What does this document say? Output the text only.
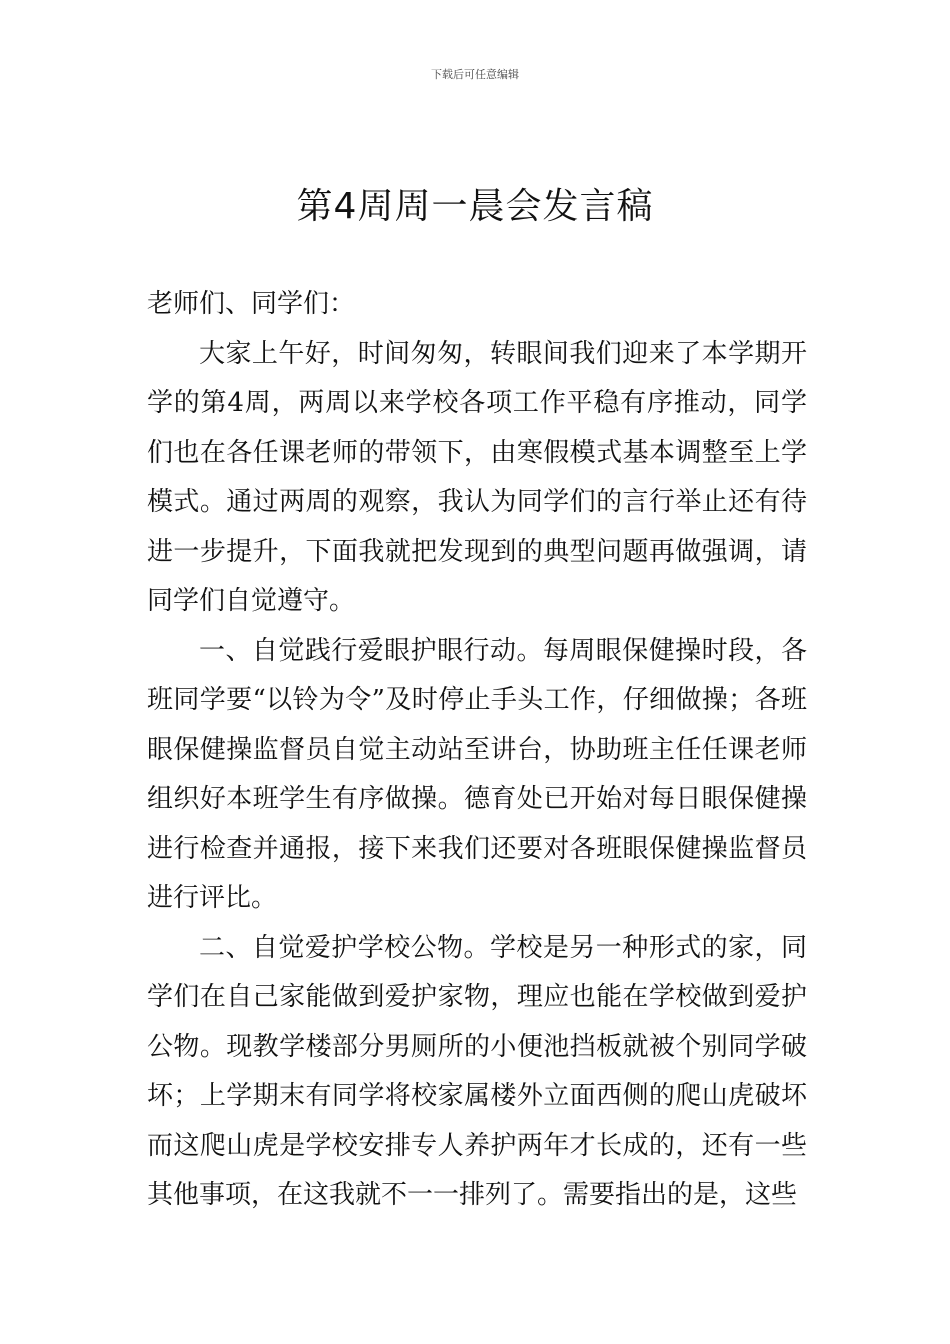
下载后可任意编辑
第4周周一晨会发言稿

老师们、同学们：

大家上午好，时间匆匆，转眼间我们迎来了本学期开学的第4周，两周以来学校各项工作平稳有序推动，同学们也在各任课老师的带领下，由寒假模式基本调整至上学模式。通过两周的观察，我认为同学们的言行举止还有待进一步提升，下面我就把发现到的典型问题再做强调，请同学们自觉遵守。

一、自觉践行爱眼护眼行动。每周眼保健操时段，各班同学要“以铃为令”及时停止手头工作，仔细做操；各班眼保健操监督员自觉主动站至讲台，协助班主任任课老师组织好本班学生有序做操。德育处已开始对每日眼保健操进行检查并通报，接下来我们还要对各班眼保健操监督员进行评比。

二、自觉爱护学校公物。学校是另一种形式的家，同学们在自己家能做到爱护家物，理应也能在学校做到爱护公物。现教学楼部分男厕所的小便池挡板就被个别同学破坏；上学期末有同学将校家属楼外立面西侧的爬山虎破坏而这爬山虎是学校安排专人养护两年才长成的，还有一些其他事项，在这我就不一一排列了。需要指出的是，这些
